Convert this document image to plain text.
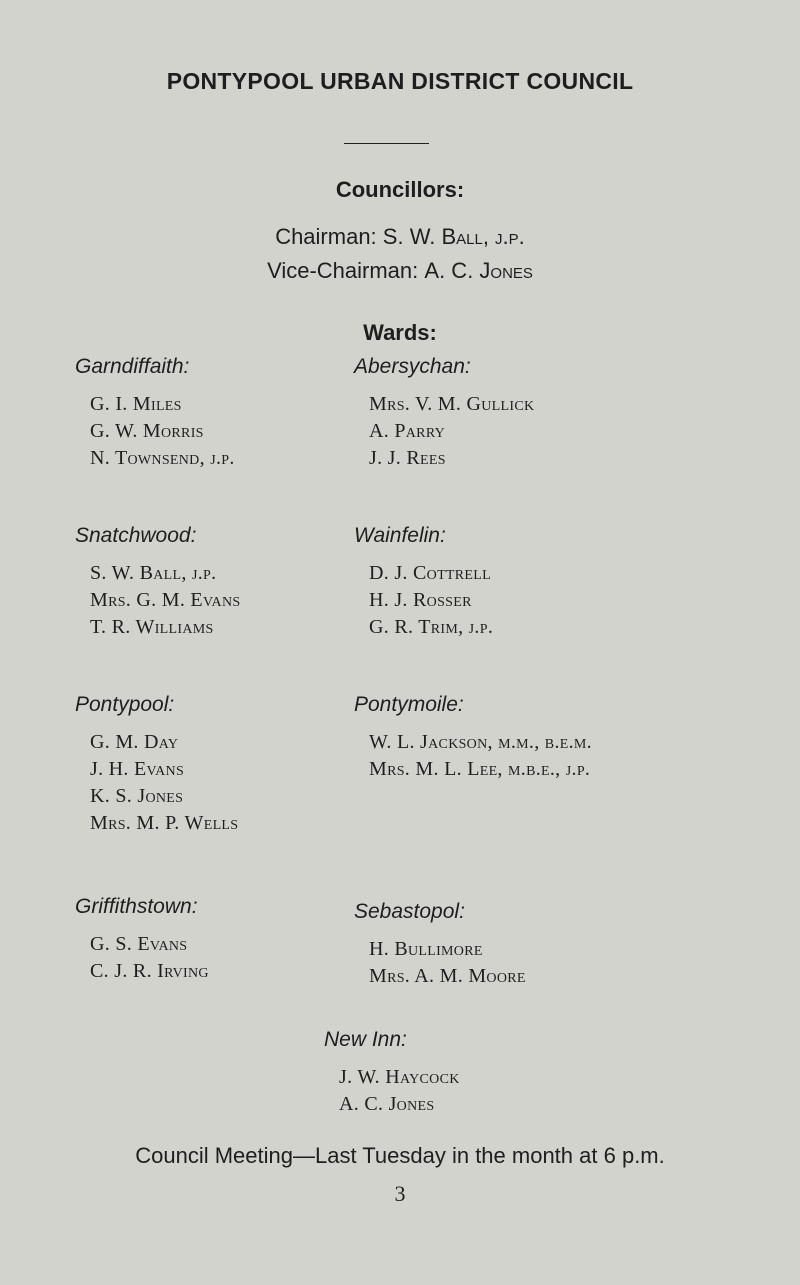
PONTYPOOL URBAN DISTRICT COUNCIL
Councillors:
Chairman: S. W. Ball, j.p.
Vice-Chairman: A. C. Jones
Wards:
Garndiffaith:
G. I. Miles
G. W. Morris
N. Townsend, j.p.
Abersychan:
Mrs. V. M. Gullick
A. Parry
J. J. Rees
Snatchwood:
S. W. Ball, j.p.
Mrs. G. M. Evans
T. R. Williams
Wainfelin:
D. J. Cottrell
H. J. Rosser
G. R. Trim, j.p.
Pontypool:
G. M. Day
J. H. Evans
K. S. Jones
Mrs. M. P. Wells
Pontymoile:
W. L. Jackson, m.m., b.e.m.
Mrs. M. L. Lee, m.b.e., j.p.
Griffithstown:
G. S. Evans
C. J. R. Irving
Sebastopol:
H. Bullimore
Mrs. A. M. Moore
New Inn:
J. W. Haycock
A. C. Jones
Council Meeting—Last Tuesday in the month at 6 p.m.
3
